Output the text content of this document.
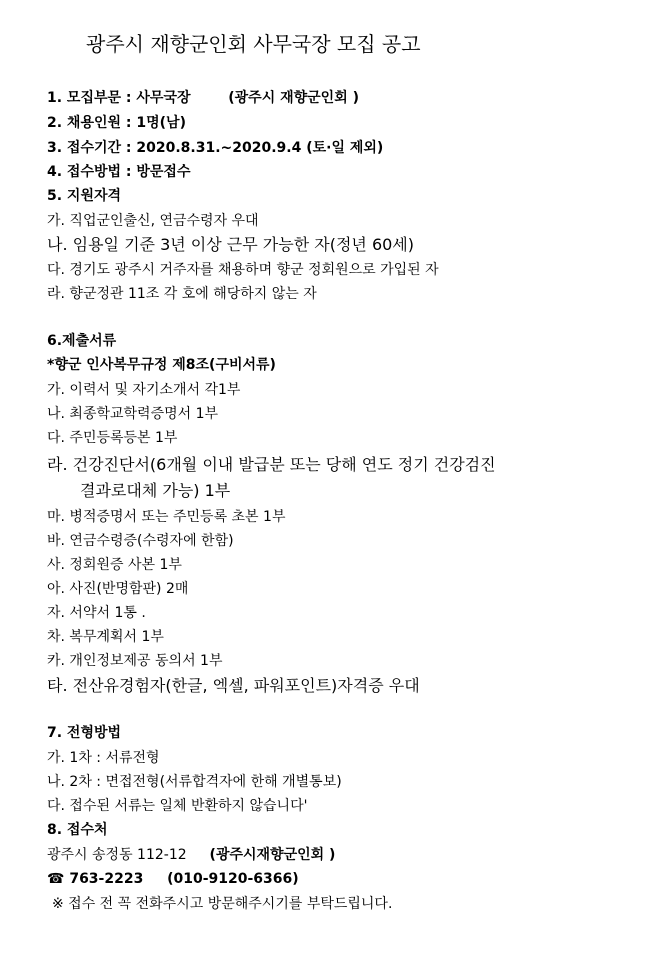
광주시 재향군인회 사무국장 모집 공고
1. 모집부문 : 사무국장	(광주시 재향군인회 )
2. 채용인원 : 1명(남)
3. 접수기간 : 2020.8.31.~2020.9.4 (토·일 제외)
4. 접수방법 : 방문접수
5. 지원자격
가. 직업군인출신, 연금수령자 우대
나. 임용일 기준 3년 이상 근무 가능한 자(정년 60세)
다. 경기도 광주시 거주자를 채용하며 향군 정회원으로 가입된 자
라. 향군정관 11조 각 호에 해당하지 않는 자
6.제출서류
*향군 인사복무규정 제8조(구비서류)
가. 이력서 및 자기소개서 각1부
나. 최종학교학력증명서 1부
다. 주민등록등본 1부
라. 건강진단서(6개월 이내 발급분 또는 당해 연도 정기 건강검진
결과로대체 가능) 1부
마. 병적증명서 또는 주민등록 초본 1부
바. 연금수령증(수령자에 한함)
사. 정회원증 사본 1부
아. 사진(반명함판) 2매
자. 서약서 1통 .
차. 복무계획서 1부
카. 개인정보제공 동의서 1부
타. 전산유경험자(한글, 엑셀, 파워포인트)자격증 우대
7. 전형방법
가. 1차 : 서류전형
나. 2차 : 면접전형(서류합격자에 한해 개별통보)
다. 접수된 서류는 일체 반환하지 않습니다'
8. 접수처
광주시 송정동 112-12 (광주시재향군인회 )
☎ 763-2223 (010-9120-6366)
※ 접수 전 꼭 전화주시고 방문해주시기를 부탁드립니다.
